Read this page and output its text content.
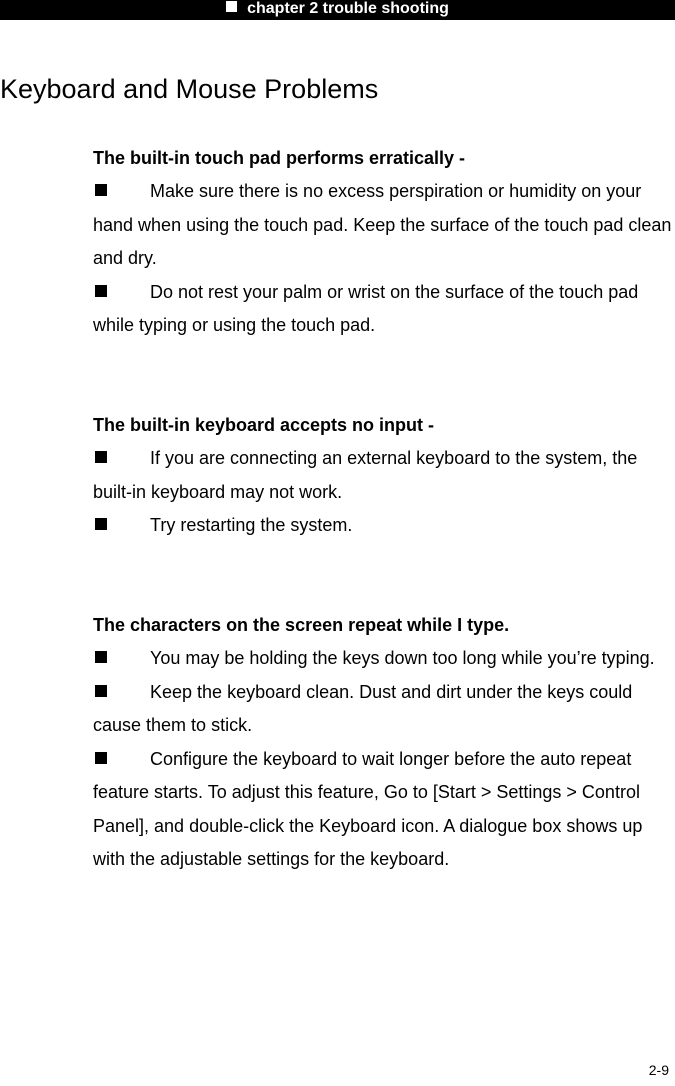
chapter 2 trouble shooting
Keyboard and Mouse Problems
The built-in touch pad performs erratically -
Make sure there is no excess perspiration or humidity on your hand when using the touch pad. Keep the surface of the touch pad clean and dry.
Do not rest your palm or wrist on the surface of the touch pad while typing or using the touch pad.
The built-in keyboard accepts no input -
If you are connecting an external keyboard to the system, the built-in keyboard may not work.
Try restarting the system.
The characters on the screen repeat while I type.
You may be holding the keys down too long while you’re typing.
Keep the keyboard clean. Dust and dirt under the keys could cause them to stick.
Configure the keyboard to wait longer before the auto repeat feature starts. To adjust this feature, Go to [Start > Settings > Control Panel], and double-click the Keyboard icon. A dialogue box shows up with the adjustable settings for the keyboard.
2-9
